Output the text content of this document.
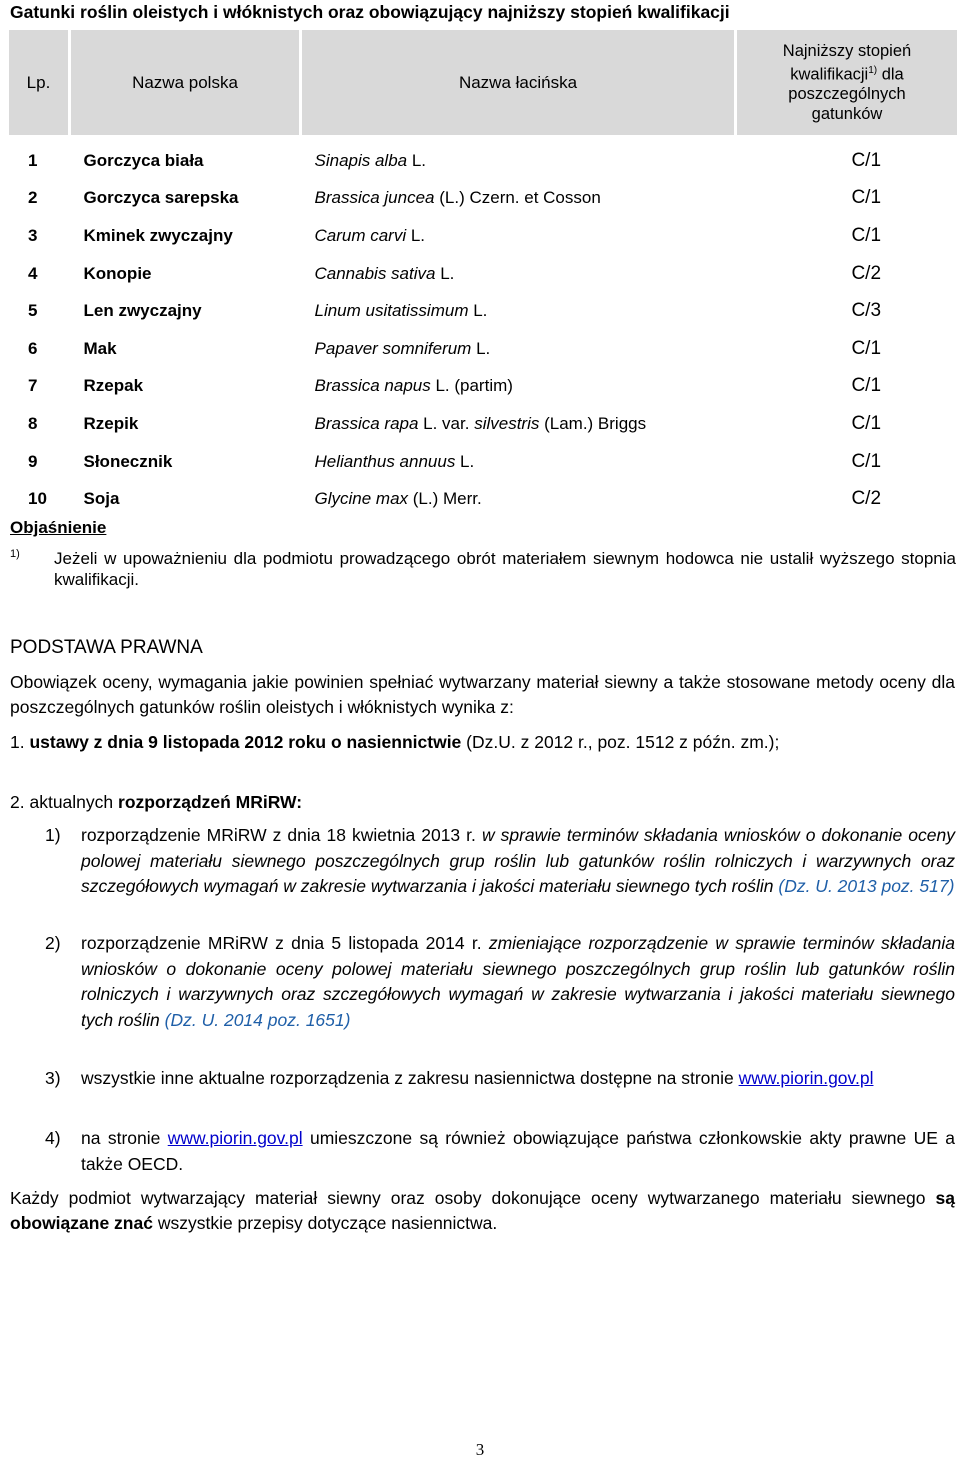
Gatunki roślin oleistych i włóknistych oraz obowiązujący najniższy stopień kwalifikacji
Lp.	Nazwa polska	Nazwa łacińska	Najniższy stopień
kwalifikacji$^{1)}$ dla
poszczególnych
gatunków

1	Gorczyca biała	Sinapis alba L.	C/1
2	Gorczyca sarepska	Brassica juncea (L.) Czern. et Cosson	C/1
3	Kminek zwyczajny	Carum carvi L.	C/1
4	Konopie	Cannabis sativa L.	C/2
5	Len zwyczajny	Linum usitatissimum L.	C/3
6	Mak	Papaver somniferum L.	C/1
7	Rzepak	Brassica napus L. (partim)	C/1
8	Rzepik	Brassica rapa L. var. silvestris (Lam.) Briggs	C/1
9	Słonecznik	Helianthus annuus L.	C/1
10	Soja	Glycine max (L.) Merr.	C/2
Objaśnienie
1) Jeżeli w upoważnieniu dla podmiotu prowadzącego obrót materiałem siewnym hodowca nie ustalił wyższego stopnia kwalifikacji.
PODSTAWA PRAWNA
Obowiązek oceny, wymagania jakie powinien spełniać wytwarzany materiał siewny a także stosowane metody oceny dla poszczególnych gatunków roślin oleistych i włóknistych wynika z:
1. ustawy z dnia 9 listopada 2012 roku o nasiennictwie (Dz.U. z 2012 r., poz. 1512 z późn. zm.);
2. aktualnych rozporządzeń MRiRW:
1) rozporządzenie MRiRW z dnia 18 kwietnia 2013 r. w sprawie terminów składania wniosków o dokonanie oceny polowej materiału siewnego poszczególnych grup roślin lub gatunków roślin rolniczych i warzywnych oraz szczegółowych wymagań w zakresie wytwarzania i jakości materiału siewnego tych roślin (Dz. U. 2013 poz. 517)
2) rozporządzenie MRiRW z dnia 5 listopada 2014 r. zmieniające rozporządzenie w sprawie terminów składania wniosków o dokonanie oceny polowej materiału siewnego poszczególnych grup roślin lub gatunków roślin rolniczych i warzywnych oraz szczegółowych wymagań w zakresie wytwarzania i jakości materiału siewnego tych roślin (Dz. U. 2014 poz. 1651)
3) wszystkie inne aktualne rozporządzenia z zakresu nasiennictwa dostępne na stronie www.piorin.gov.pl
4) na stronie www.piorin.gov.pl umieszczone są również obowiązujące państwa członkowskie akty prawne UE a także OECD.
Każdy podmiot wytwarzający materiał siewny oraz osoby dokonujące oceny wytwarzanego materiału siewnego są obowiązane znać wszystkie przepisy dotyczące nasiennictwa.
3
